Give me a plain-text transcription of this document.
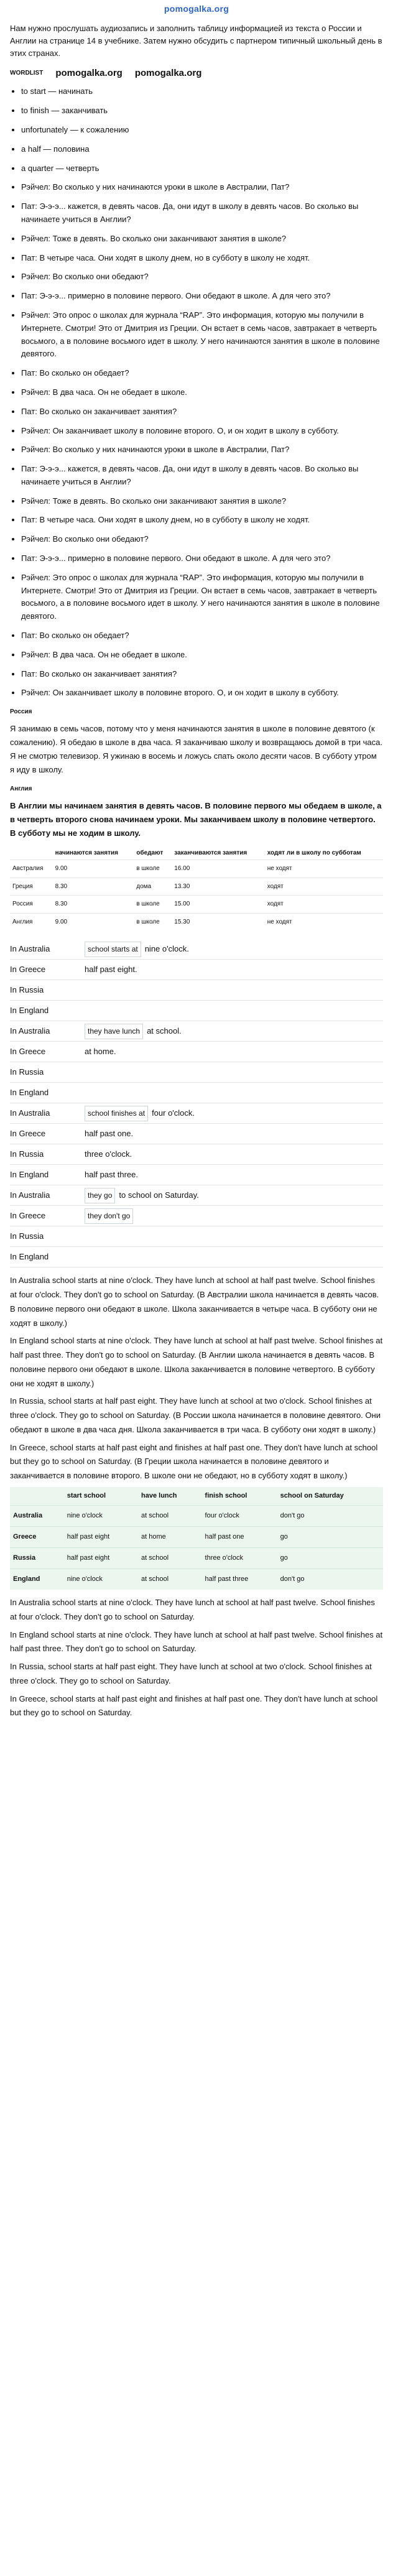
pomogalka.org

Нам нужно прослушать аудиозапись и заполнить таблицу информацией из текста о России и Англии на странице 14 в учебнике. Затем нужно обсудить с партнером типичный школьный день в этих странах.

WORDLIST pomogalka.org pomogalka.org
• to start — начинать
• to finish — заканчивать
• unfortunately — к сожалению
• a half — половина
• a quarter — четверть
• Рэйчел: Во сколько у них начинаются уроки в школе в Австралии, Пат?
• Пат: Э-э-э... кажется, в девять часов. Да, они идут в школу в девять часов. Во сколько вы начинаете учиться в Англии?
• Рэйчел: Тоже в девять. Во сколько они заканчивают занятия в школе?
• Пат: В четыре часа. Они ходят в школу днем, но в субботу в школу не ходят.
• Рэйчел: Во сколько они обедают?
• Пат: Э-э-э... примерно в половине первого. Они обедают в школе. А для чего это?
• Рэйчел: Это опрос о школах для журнала “RAP”. Это информация, которую мы получили в Интернете. Смотри! Это от Дмитрия из Греции. Он встает в семь часов, завтракает в четверть восьмого, а в половине восьмого идет в школу. У него начинаются занятия в школе в половине девятого.
• Пат: Во сколько он обедает?
• Рэйчел: В два часа. Он не обедает в школе.
• Пат: Во сколько он заканчивает занятия?
• Рэйчел: Он заканчивает школу в половине второго. О, и он ходит в школу в субботу.
• Рэйчел: Во сколько у них начинаются уроки в школе в Австралии, Пат?
• Пат: Э-э-э... кажется, в девять часов. Да, они идут в школу в девять часов. Во сколько вы начинаете учиться в Англии?
• Рэйчел: Тоже в девять. Во сколько они заканчивают занятия в школе?
• Пат: В четыре часа. Они ходят в школу днем, но в субботу в школу не ходят.
• Рэйчел: Во сколько они обедают?
• Пат: Э-э-э... примерно в половине первого. Они обедают в школе. А для чего это?
• Рэйчел: Это опрос о школах для журнала “RAP”. Это информация, которую мы получили в Интернете. Смотри! Это от Дмитрия из Греции. Он встает в семь часов, завтракает в четверть восьмого, а в половине восьмого идет в школу. У него начинаются занятия в школе в половине девятого.
• Пат: Во сколько он обедает?
• Рэйчел: В два часа. Он не обедает в школе.
• Пат: Во сколько он заканчивает занятия?
• Рэйчел: Он заканчивает школу в половине второго. О, и он ходит в школу в субботу.
Россия

Я занимаю в семь часов, потому что у меня начинаются занятия в школе в половине девятого (к сожалению). Я обедаю в школе в два часа. Я заканчиваю школу и возвращаюсь домой в три часа. Я не смотрю телевизор. Я ужинаю в восемь и ложусь спать около десяти часов. В субботу утром я иду в школу.

Англия

В Англии мы начинаем занятия в девять часов. В половине первого мы обедаем в школе, а в четверть второго снова начинаем уроки. Мы заканчиваем школу в половине четвертого. В субботу мы не ходим в школу.

	начинаются занятия	обедают	заканчиваются занятия	ходят ли в школу по субботам
Австралия	9.00	в школе	16.00	не ходят
Греция	8.30	дома	13.30	ходят
Россия	8.30	в школе	15.00	ходят
Англия	9.00	в школе	15.30	не ходят
In Australia	school starts at nine o'clock.
In Greece	half past eight.
In Russia
In England
In Australia	they have lunch at school.
In Greece	at home.
In Russia
In England
In Australia	school finishes at four o'clock.
In Greece	half past one.
In Russia	three o'clock.
In England	half past three.
In Australia	they go to school on Saturday.
In Greece	they don't go
In Russia
In England

In Australia school starts at nine o'clock. They have lunch at school at half past twelve. School finishes at four o'clock. They don't go to school on Saturday. (В Австралии школа начинается в девять часов. В половине первого они обедают в школе. Школа заканчивается в четыре часа. В субботу они не ходят в школу.)

In England school starts at nine o'clock. They have lunch at school at half past twelve. School finishes at half past three. They don't go to school on Saturday. (В Англии школа начинается в девять часов. В половине первого они обедают в школе. Школа заканчивается в половине четвертого. В субботу они не ходят в школу.)

In Russia, school starts at half past eight. They have lunch at school at two o'clock. School finishes at three o'clock. They go to school on Saturday. (В России школа начинается в половине девятого. Они обедают в школе в два часа дня. Школа заканчивается в три часа. В субботу они ходят в школу.)

In Greece, school starts at half past eight and finishes at half past one. They don't have lunch at school but they go to school on Saturday. (В Греции школа начинается в половине девятого и заканчивается в половине второго. В школе они не обедают, но в субботу ходят в школу.)

	start school	have lunch	finish school	school on Saturday
Australia	nine o'clock	at school	four o'clock	don't go
Greece	half past eight	at home	half past one	go
Russia	half past eight	at school	three o'clock	go
England	nine o'clock	at school	half past three	don't go

In Australia school starts at nine o'clock. They have lunch at school at half past twelve. School finishes at four o'clock. They don't go to school on Saturday.

In England school starts at nine o'clock. They have lunch at school at half past twelve. School finishes at half past three. They don't go to school on Saturday.

In Russia, school starts at half past eight. They have lunch at school at two o'clock. School finishes at three o'clock. They go to school on Saturday.

In Greece, school starts at half past eight and finishes at half past one. They don't have lunch at school but they go to school on Saturday.
